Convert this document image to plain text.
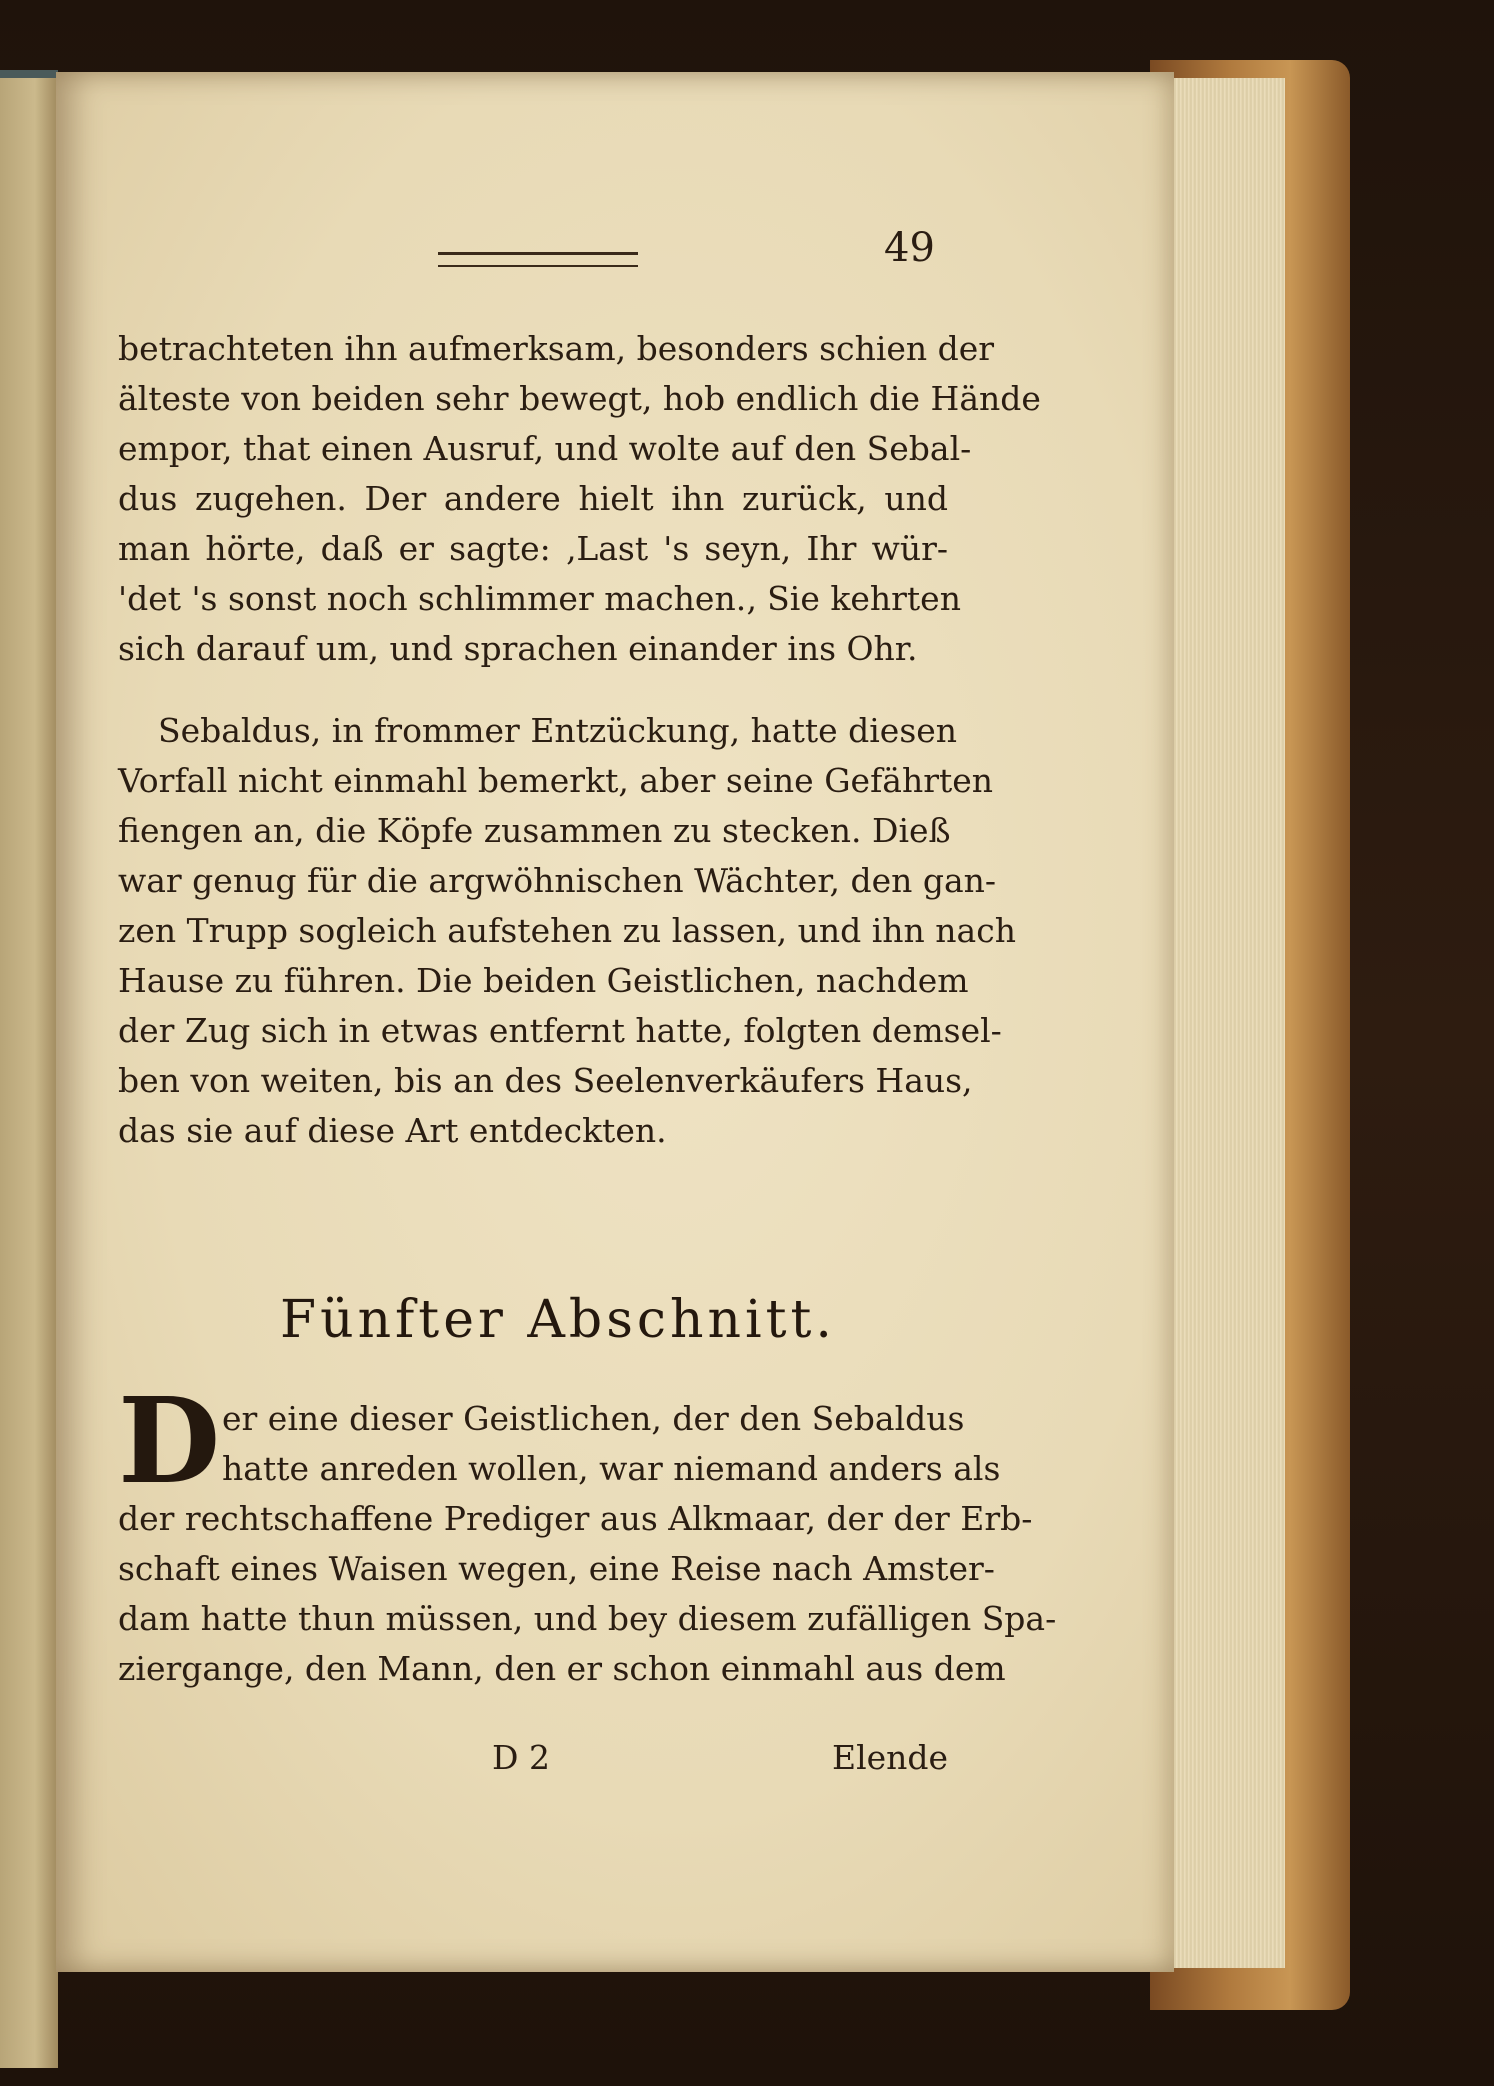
49
betrachteten ihn aufmerksam, besonders schien der
älteste von beiden sehr bewegt, hob endlich die Hände
empor, that einen Ausruf, und wolte auf den Sebal-
dus zugehen. Der andere hielt ihn zurück, und
man hörte, daß er sagte: ‚Last 's seyn, Ihr wür-
'det 's sonst noch schlimmer machen.‚ Sie kehrten
sich darauf um, und sprachen einander ins Ohr.
Sebaldus, in frommer Entzückung, hatte diesen
Vorfall nicht einmahl bemerkt, aber seine Gefährten
fiengen an, die Köpfe zusammen zu stecken. Dieß
war genug für die argwöhnischen Wächter, den gan-
zen Trupp sogleich aufstehen zu lassen, und ihn nach
Hause zu führen. Die beiden Geistlichen, nachdem
der Zug sich in etwas entfernt hatte, folgten demsel-
ben von weiten, bis an des Seelenverkäufers Haus,
das sie auf diese Art entdeckten.
Fünfter Abschnitt.
D er eine dieser Geistlichen, der den Sebaldus
hatte anreden wollen, war niemand anders als
der rechtschaffene Prediger aus Alkmaar, der der Erb-
schaft eines Waisen wegen, eine Reise nach Amster-
dam hatte thun müssen, und bey diesem zufälligen Spa-
ziergange, den Mann, den er schon einmahl aus dem
D 2	Elende
